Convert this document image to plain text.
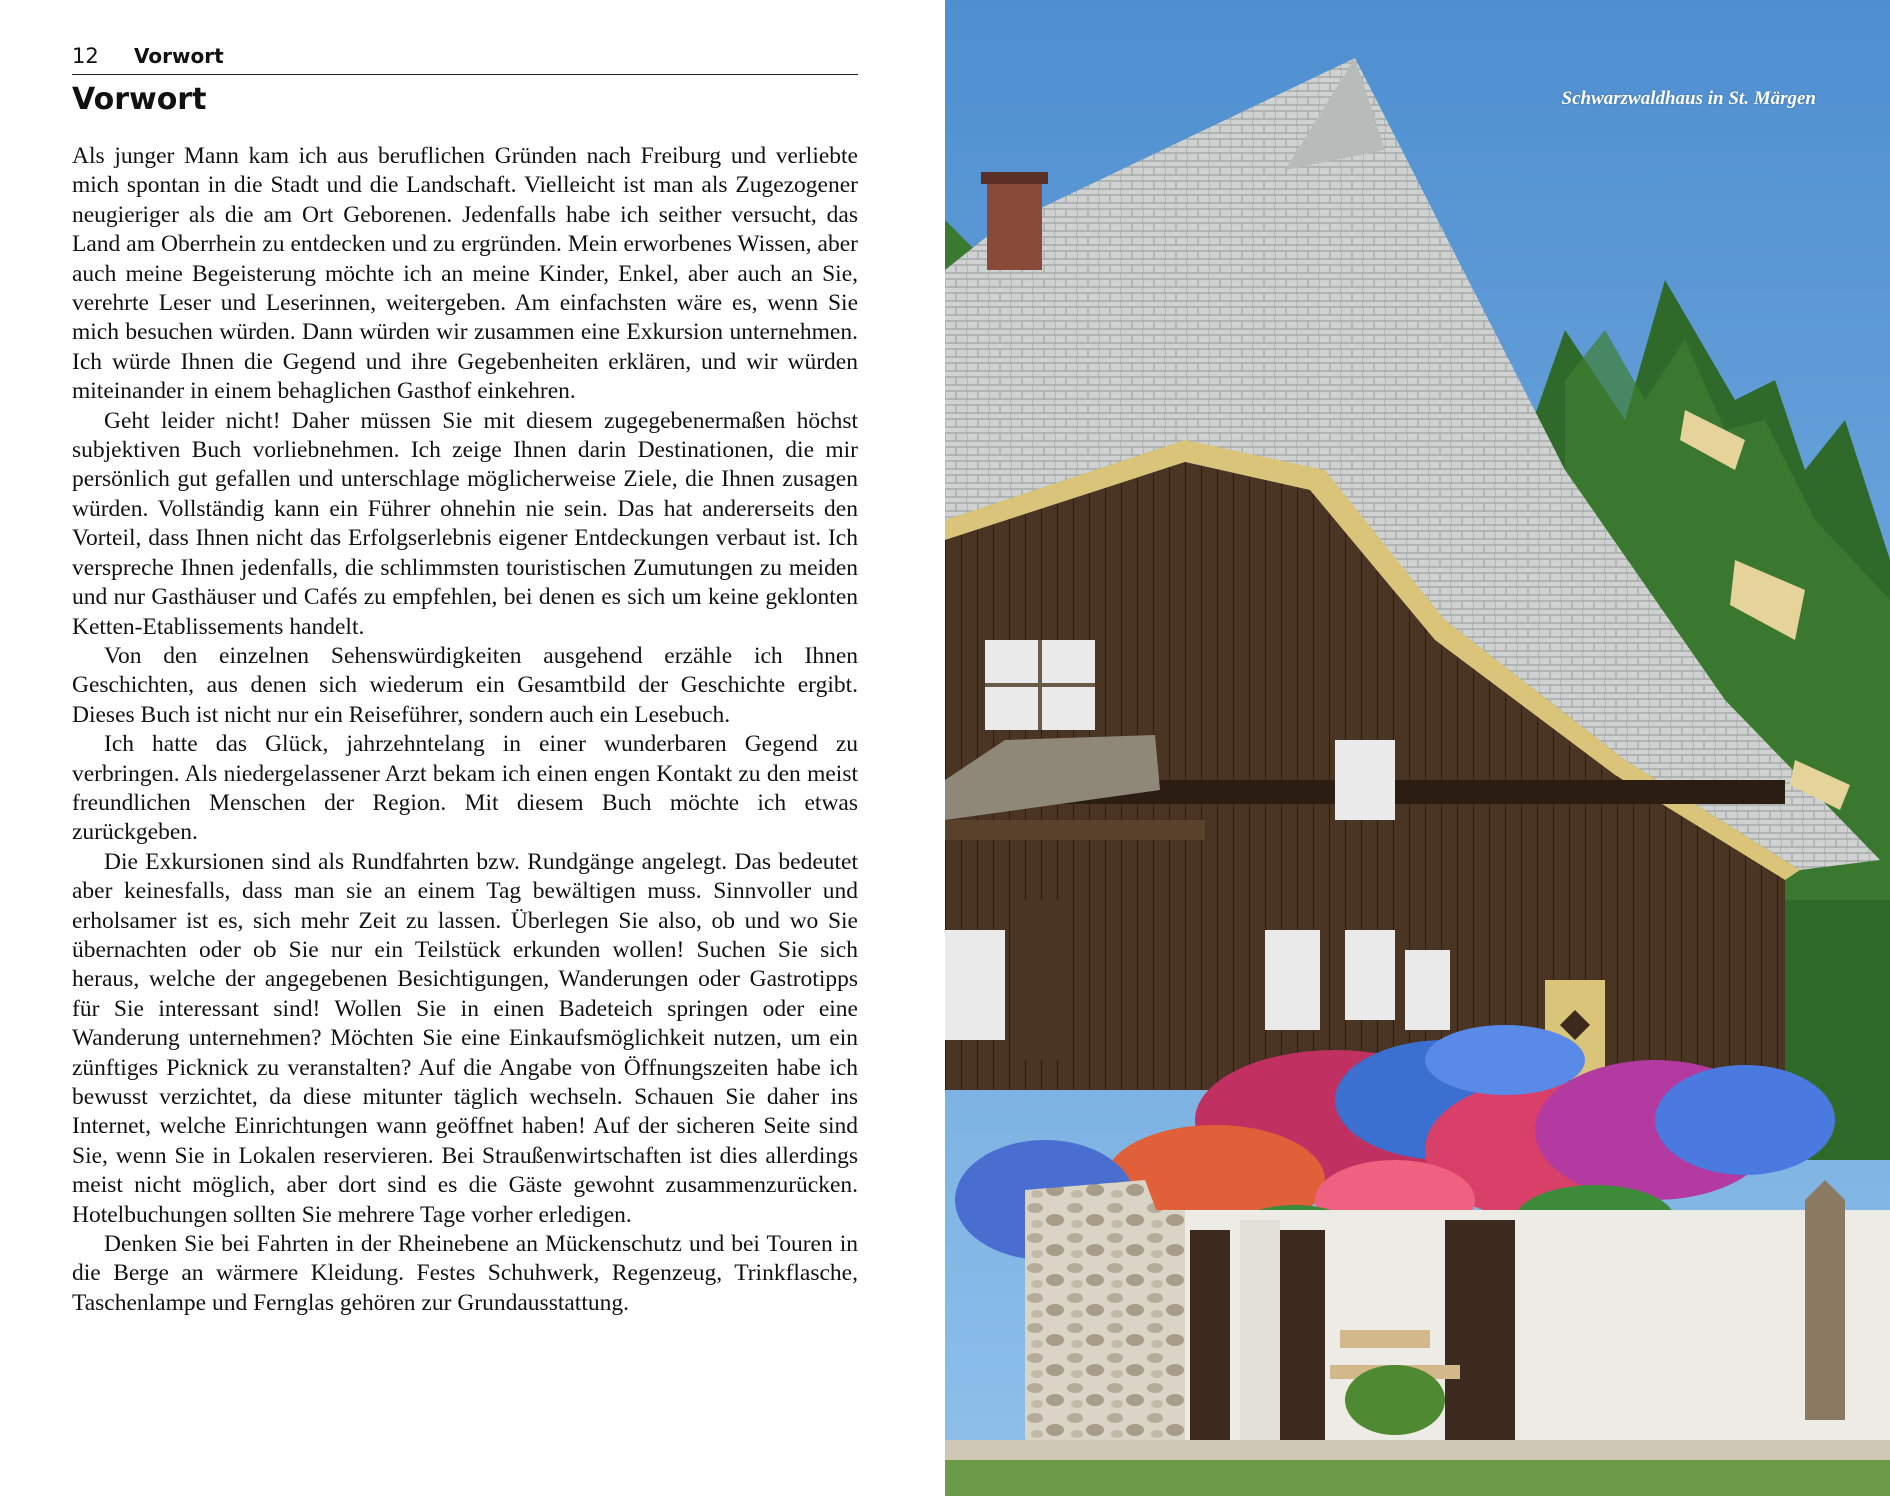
12 Vorwort
Vorwort

Als junger Mann kam ich aus beruflichen Gründen nach Freiburg und verliebte mich spontan in die Stadt und die Landschaft. Vielleicht ist man als Zugezogener neugieriger als die am Ort Geborenen. Jedenfalls habe ich seither versucht, das Land am Oberrhein zu entdecken und zu ergründen. Mein erworbenes Wissen, aber auch meine Begeisterung möchte ich an meine Kinder, Enkel, aber auch an Sie, verehrte Leser und Leserinnen, weitergeben. Am einfachsten wäre es, wenn Sie mich besuchen würden. Dann würden wir zusammen eine Exkursion unternehmen. Ich würde Ihnen die Gegend und ihre Gegebenheiten erklären, und wir würden miteinander in einem behaglichen Gasthof einkehren.

Geht leider nicht! Daher müssen Sie mit diesem zugegebenermaßen höchst subjektiven Buch vorliebnehmen. Ich zeige Ihnen darin Destinationen, die mir persönlich gut gefallen und unterschlage möglicherweise Ziele, die Ihnen zusagen würden. Vollständig kann ein Führer ohnehin nie sein. Das hat andererseits den Vorteil, dass Ihnen nicht das Erfolgserlebnis eigener Entdeckungen verbaut ist. Ich verspreche Ihnen jedenfalls, die schlimmsten touristischen Zumutungen zu meiden und nur Gasthäuser und Cafés zu empfehlen, bei denen es sich um keine geklonten Ketten-Etablissements handelt.

Von den einzelnen Sehenswürdigkeiten ausgehend erzähle ich Ihnen Geschichten, aus denen sich wiederum ein Gesamtbild der Geschichte ergibt. Dieses Buch ist nicht nur ein Reiseführer, sondern auch ein Lesebuch.

Ich hatte das Glück, jahrzehntelang in einer wunderbaren Gegend zu verbringen. Als niedergelassener Arzt bekam ich einen engen Kontakt zu den meist freundlichen Menschen der Region. Mit diesem Buch möchte ich etwas zurückgeben.

Die Exkursionen sind als Rundfahrten bzw. Rundgänge angelegt. Das bedeutet aber keinesfalls, dass man sie an einem Tag bewältigen muss. Sinnvoller und erholsamer ist es, sich mehr Zeit zu lassen. Überlegen Sie also, ob und wo Sie übernachten oder ob Sie nur ein Teilstück erkunden wollen! Suchen Sie sich heraus, welche der angegebenen Besichtigungen, Wanderungen oder Gastrotipps für Sie interessant sind! Wollen Sie in einen Badeteich springen oder eine Wanderung unternehmen? Möchten Sie eine Einkaufsmöglichkeit nutzen, um ein zünftiges Picknick zu veranstalten? Auf die Angabe von Öffnungszeiten habe ich bewusst verzichtet, da diese mitunter täglich wechseln. Schauen Sie daher ins Internet, welche Einrichtungen wann geöffnet haben! Auf der sicheren Seite sind Sie, wenn Sie in Lokalen reservieren. Bei Straußenwirtschaften ist dies allerdings meist nicht möglich, aber dort sind es die Gäste gewohnt zusammenzurücken. Hotelbuchungen sollten Sie mehrere Tage vorher erledigen.

Denken Sie bei Fahrten in der Rheinebene an Mückenschutz und bei Touren in die Berge an wärmere Kleidung. Festes Schuhwerk, Regenzeug, Trinkflasche, Taschenlampe und Fernglas gehören zur Grundausstattung.

Schwarzwaldhaus in St. Märgen
